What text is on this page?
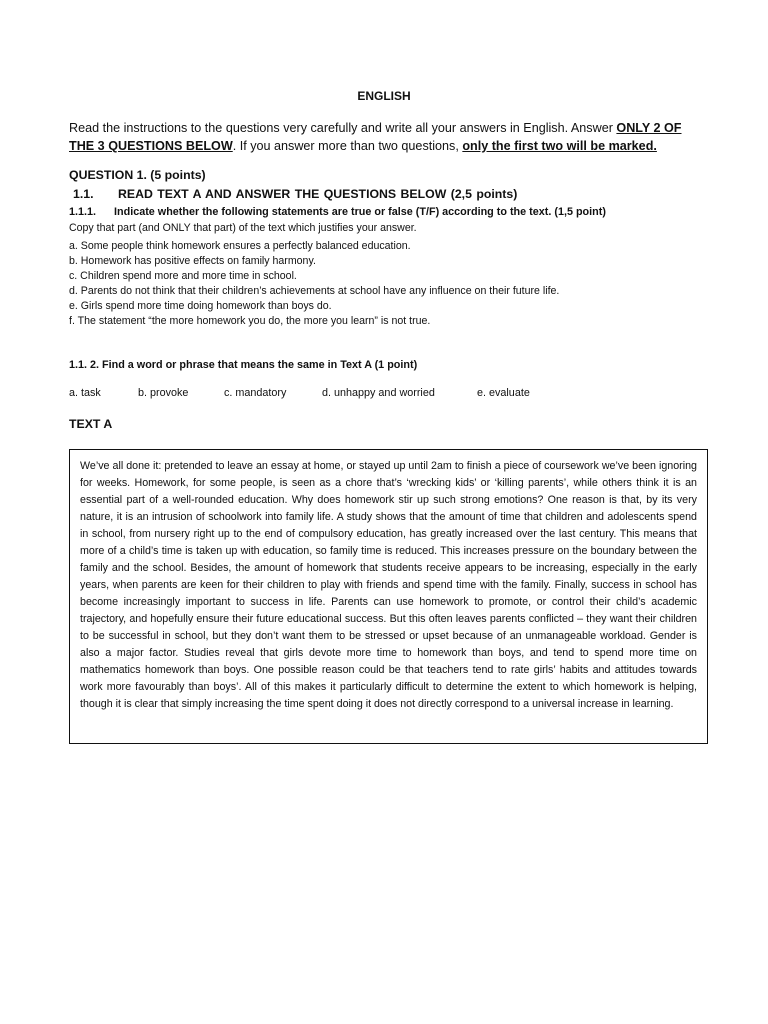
ENGLISH
Read the instructions to the questions very carefully and write all your answers in English. Answer ONLY 2 OF THE 3 QUESTIONS BELOW. If you answer more than two questions, only the first two will be marked.
QUESTION 1. (5 points)
1.1. READ TEXT A AND ANSWER THE QUESTIONS BELOW (2,5 points)
1.1.1. Indicate whether the following statements are true or false (T/F) according to the text. (1,5 point)
Copy that part (and ONLY that part) of the text which justifies your answer.
a. Some people think homework ensures a perfectly balanced education.
b. Homework has positive effects on family harmony.
c. Children spend more and more time in school.
d. Parents do not think that their children’s achievements at school have any influence on their future life.
e. Girls spend more time doing homework than boys do.
f. The statement “the more homework you do, the more you learn” is not true.
1.1. 2. Find a word or phrase that means the same in Text A (1 point)
a. task	b. provoke	c. mandatory	d. unhappy and worried	e. evaluate
TEXT A
We’ve all done it: pretended to leave an essay at home, or stayed up until 2am to finish a piece of coursework we’ve been ignoring for weeks. Homework, for some people, is seen as a chore that’s ‘wrecking kids’ or ‘killing parents’, while others think it is an essential part of a well-rounded education. Why does homework stir up such strong emotions? One reason is that, by its very nature, it is an intrusion of schoolwork into family life. A study shows that the amount of time that children and adolescents spend in school, from nursery right up to the end of compulsory education, has greatly increased over the last century. This means that more of a child’s time is taken up with education, so family time is reduced. This increases pressure on the boundary between the family and the school. Besides, the amount of homework that students receive appears to be increasing, especially in the early years, when parents are keen for their children to play with friends and spend time with the family. Finally, success in school has become increasingly important to success in life. Parents can use homework to promote, or control their child’s academic trajectory, and hopefully ensure their future educational success. But this often leaves parents conflicted – they want their children to be successful in school, but they don’t want them to be stressed or upset because of an unmanageable workload. Gender is also a major factor. Studies reveal that girls devote more time to homework than boys, and tend to spend more time on mathematics homework than boys. One possible reason could be that teachers tend to rate girls’ habits and attitudes towards work more favourably than boys’. All of this makes it particularly difficult to determine the extent to which homework is helping, though it is clear that simply increasing the time spent doing it does not directly correspond to a universal increase in learning.
